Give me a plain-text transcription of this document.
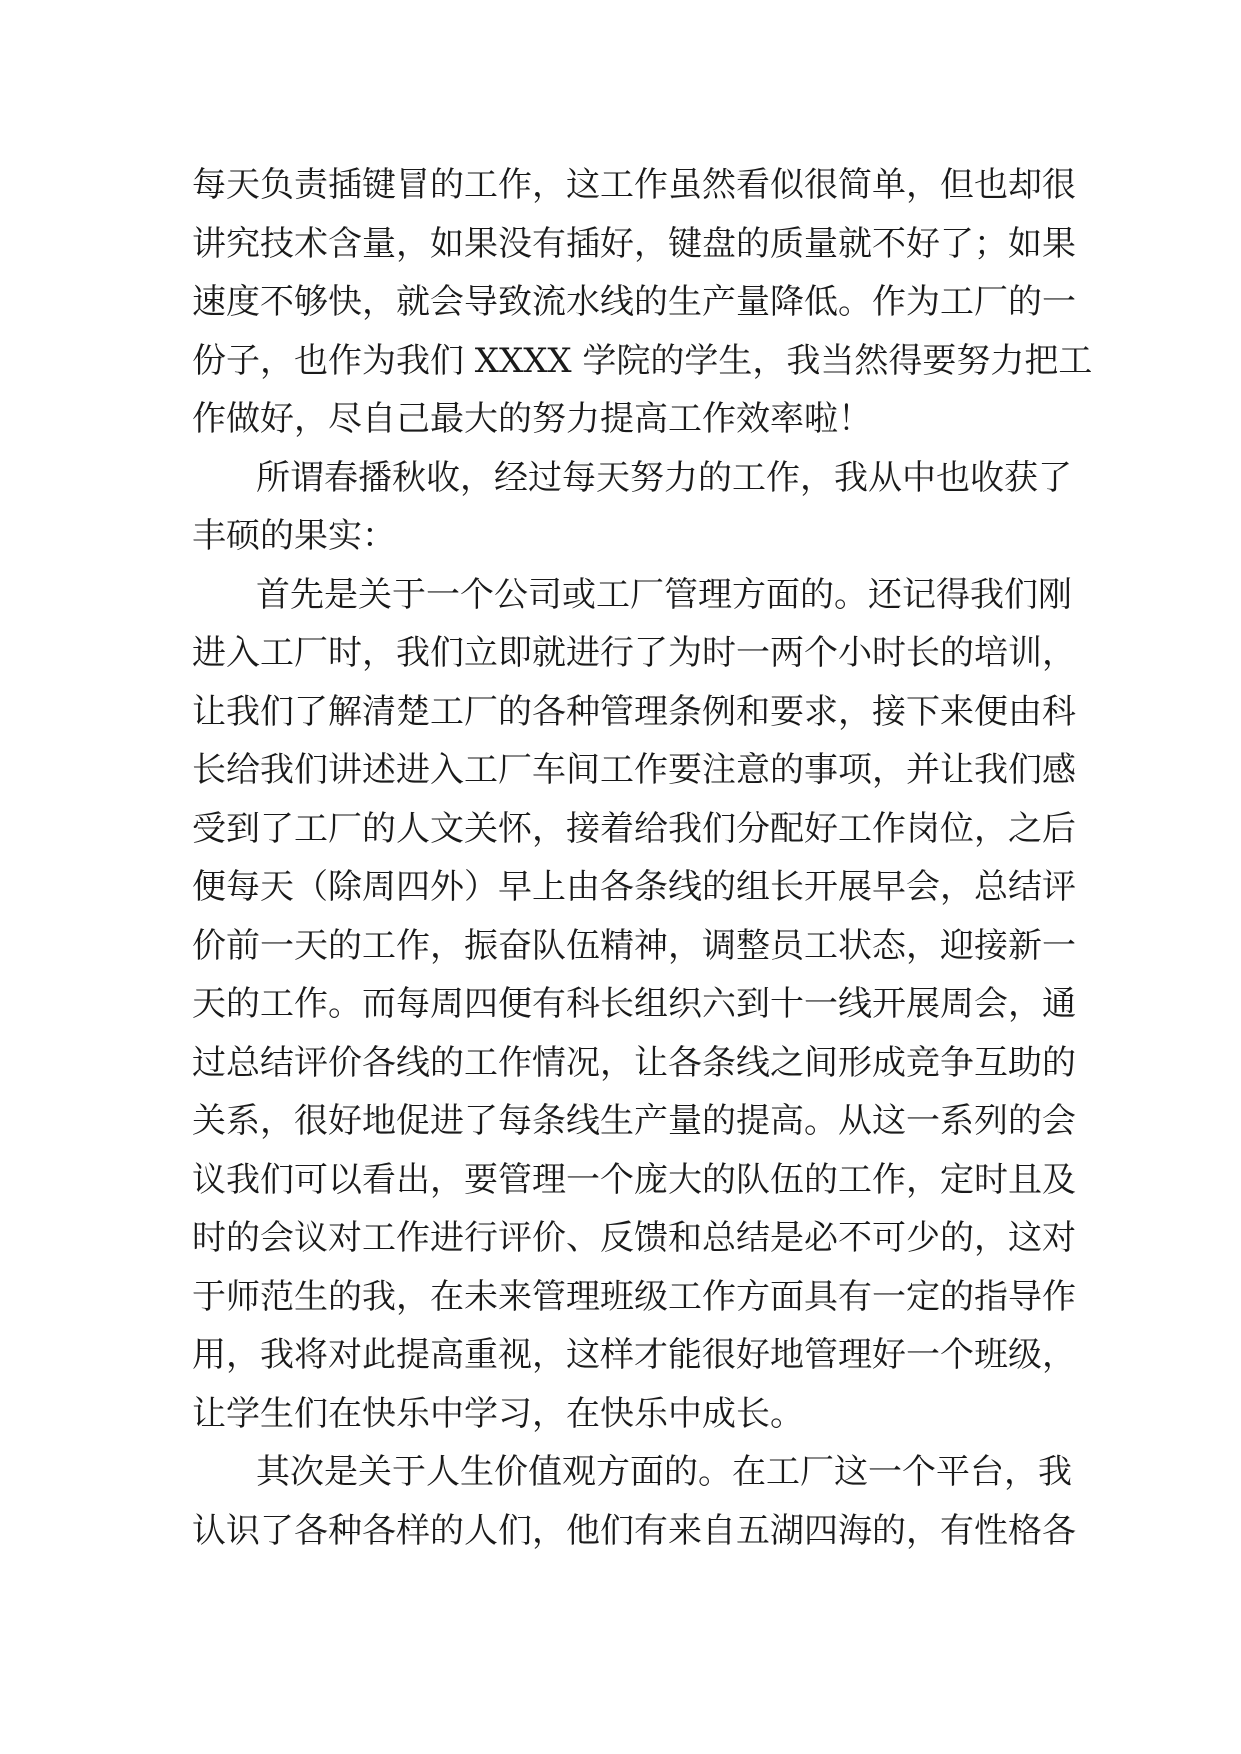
每天负责插键冒的工作，这工作虽然看似很简单，但也却很
讲究技术含量，如果没有插好，键盘的质量就不好了；如果
速度不够快，就会导致流水线的生产量降低。作为工厂的一
份子，也作为我们 XXXX 学院的学生，我当然得要努力把工
作做好，尽自己最大的努力提高工作效率啦！
所谓春播秋收，经过每天努力的工作，我从中也收获了
丰硕的果实：
首先是关于一个公司或工厂管理方面的。还记得我们刚
进入工厂时，我们立即就进行了为时一两个小时长的培训，
让我们了解清楚工厂的各种管理条例和要求，接下来便由科
长给我们讲述进入工厂车间工作要注意的事项，并让我们感
受到了工厂的人文关怀，接着给我们分配好工作岗位，之后
便每天（除周四外）早上由各条线的组长开展早会，总结评
价前一天的工作，振奋队伍精神，调整员工状态，迎接新一
天的工作。而每周四便有科长组织六到十一线开展周会，通
过总结评价各线的工作情况，让各条线之间形成竞争互助的
关系，很好地促进了每条线生产量的提高。从这一系列的会
议我们可以看出，要管理一个庞大的队伍的工作，定时且及
时的会议对工作进行评价、反馈和总结是必不可少的，这对
于师范生的我，在未来管理班级工作方面具有一定的指导作
用，我将对此提高重视，这样才能很好地管理好一个班级，
让学生们在快乐中学习，在快乐中成长。
其次是关于人生价值观方面的。在工厂这一个平台，我
认识了各种各样的人们，他们有来自五湖四海的，有性格各
